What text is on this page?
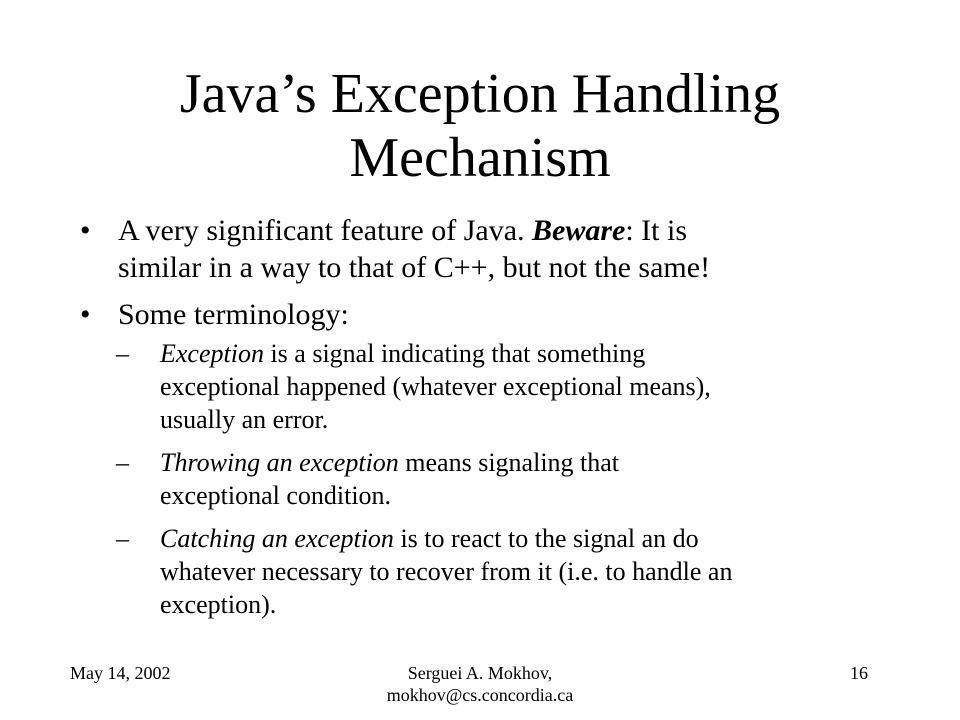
Java’s Exception Handling
Mechanism
• A very significant feature of Java. Beware: It is
similar in a way to that of C++, but not the same!
• Some terminology:
– Exception is a signal indicating that something
exceptional happened (whatever exceptional means),
usually an error.
– Throwing an exception means signaling that
exceptional condition.
– Catching an exception is to react to the signal an do
whatever necessary to recover from it (i.e. to handle an
exception).
May 14, 2002	Serguei A. Mokhov,
mokhov@cs.concordia.ca
16
